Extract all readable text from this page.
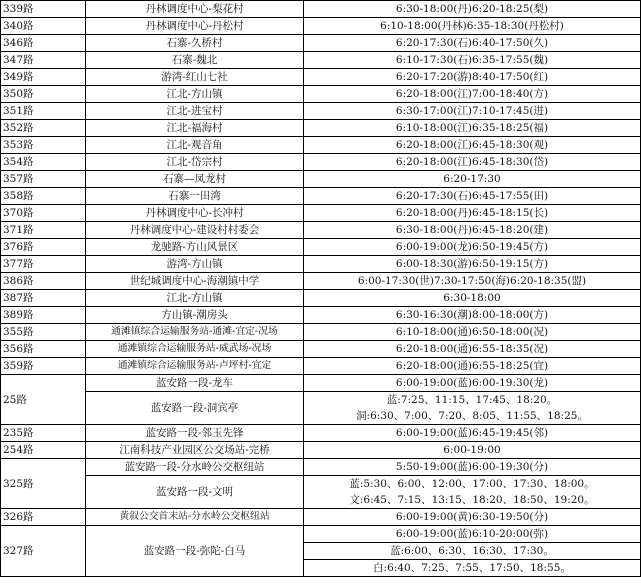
339路	丹林调度中心-梨花村	6:30-18:00(丹)6:20-18:25(梨)

340路	丹林调度中心-丹松村	6:10-18:00(丹林)6:35-18:30(丹松村)

346路	石寨-久桥村	6:20-17:30(石)6:40-17:50(久)

347路	石寨-魏北	6:10-17:30(石)6:35-17:55(魏)

349路	游湾-红山七社	6:20-17:20(游)8:40-17:50(红)

350路	江北-方山镇	6:20-18:00(江)7:00-18:40(方)

351路	江北-进宝村	6:30-17:00(江)7:10-17:45(进)

352路	江北-福海村	6:10-18:00(江)6:35-18:25(福)

353路	江北-观音角	6:20-18:00(江)6:45-18:30(观)

354路	江北-岱宗村	6:20-18:00(江)6:45-18:30(岱)

357路	石寨—凤龙村	6:20-17:30

358路	石寨一田湾	6:20-17:30(石)6:45-17:55(田)

370路	丹林调度中心-长冲村	6:20-18:00(丹)6:45-18:15(长)

371路	丹林调度中心-建设村村委会	6:30-18:00(丹)6:45-18:20(建)

376路	龙驰路-方山风景区	6:00-19:00(龙)6:50-19:45(方)

377路	游湾-方山镇	6:00-18:30(游)6:50-19:15(方)

386路	世纪城调度中心-海潮镇中学	6:00-17:30(世)7:30-17:50(海)6:20-18:35(盟)

387路	江北-方山镇	6:30-18:00

389路	方山镇-潮房头	6:30-16:30(潮)8:00-18:00(方)

355路	通滩镇综合运输服务站-通滩-宜定-况场	6:10-18:00(通)6:50-18:00(况)

356路	通滩镇综合运输服务站-威武场-况场	6:20-18:00(通)6:55-18:35(况)

359路	通滩镇综合运输服务站-卢坪村-宜定	6:20-18:00(通)6:55-18:25(宜)

25路	蓝安路一段-龙车	6:00-19:00(蓝)6:00-19:30(龙)

	蓝安路一段-洞宾亭	蓝:7:25、11:15、17:45、18:20。
洞:6:30、7:00、7:20、8:05、11:55、18:25。

235路	蓝安路一段-邻玉先锋	6:00-19:00(蓝)6:45-19:45(邻)

254路	江南科技产业园区公交场站-完桥	6:00-19:00

325路	蓝安路一段-分水岭公交枢纽站	5:50-19:00(蓝)6:00-19:30(分)

	蓝安路一段-文明	蓝:5:30、6:00、12:00、17:00、17:30、18:00。
文:6:45、7:15、13:15、18:20、18:50、19:20。

326路	黄叙公交首末站-分水岭公交枢纽站	6:00-19:00(黄)6:30-19:50(分)

327路	蓝安路一段-弥陀-白马	6:00-19:00(蓝)6:10-20:00(弥)

		蓝:6:00、6:30、16:30、17:30。

		白:6:40、7:25、7:55、17:50、18:55。
